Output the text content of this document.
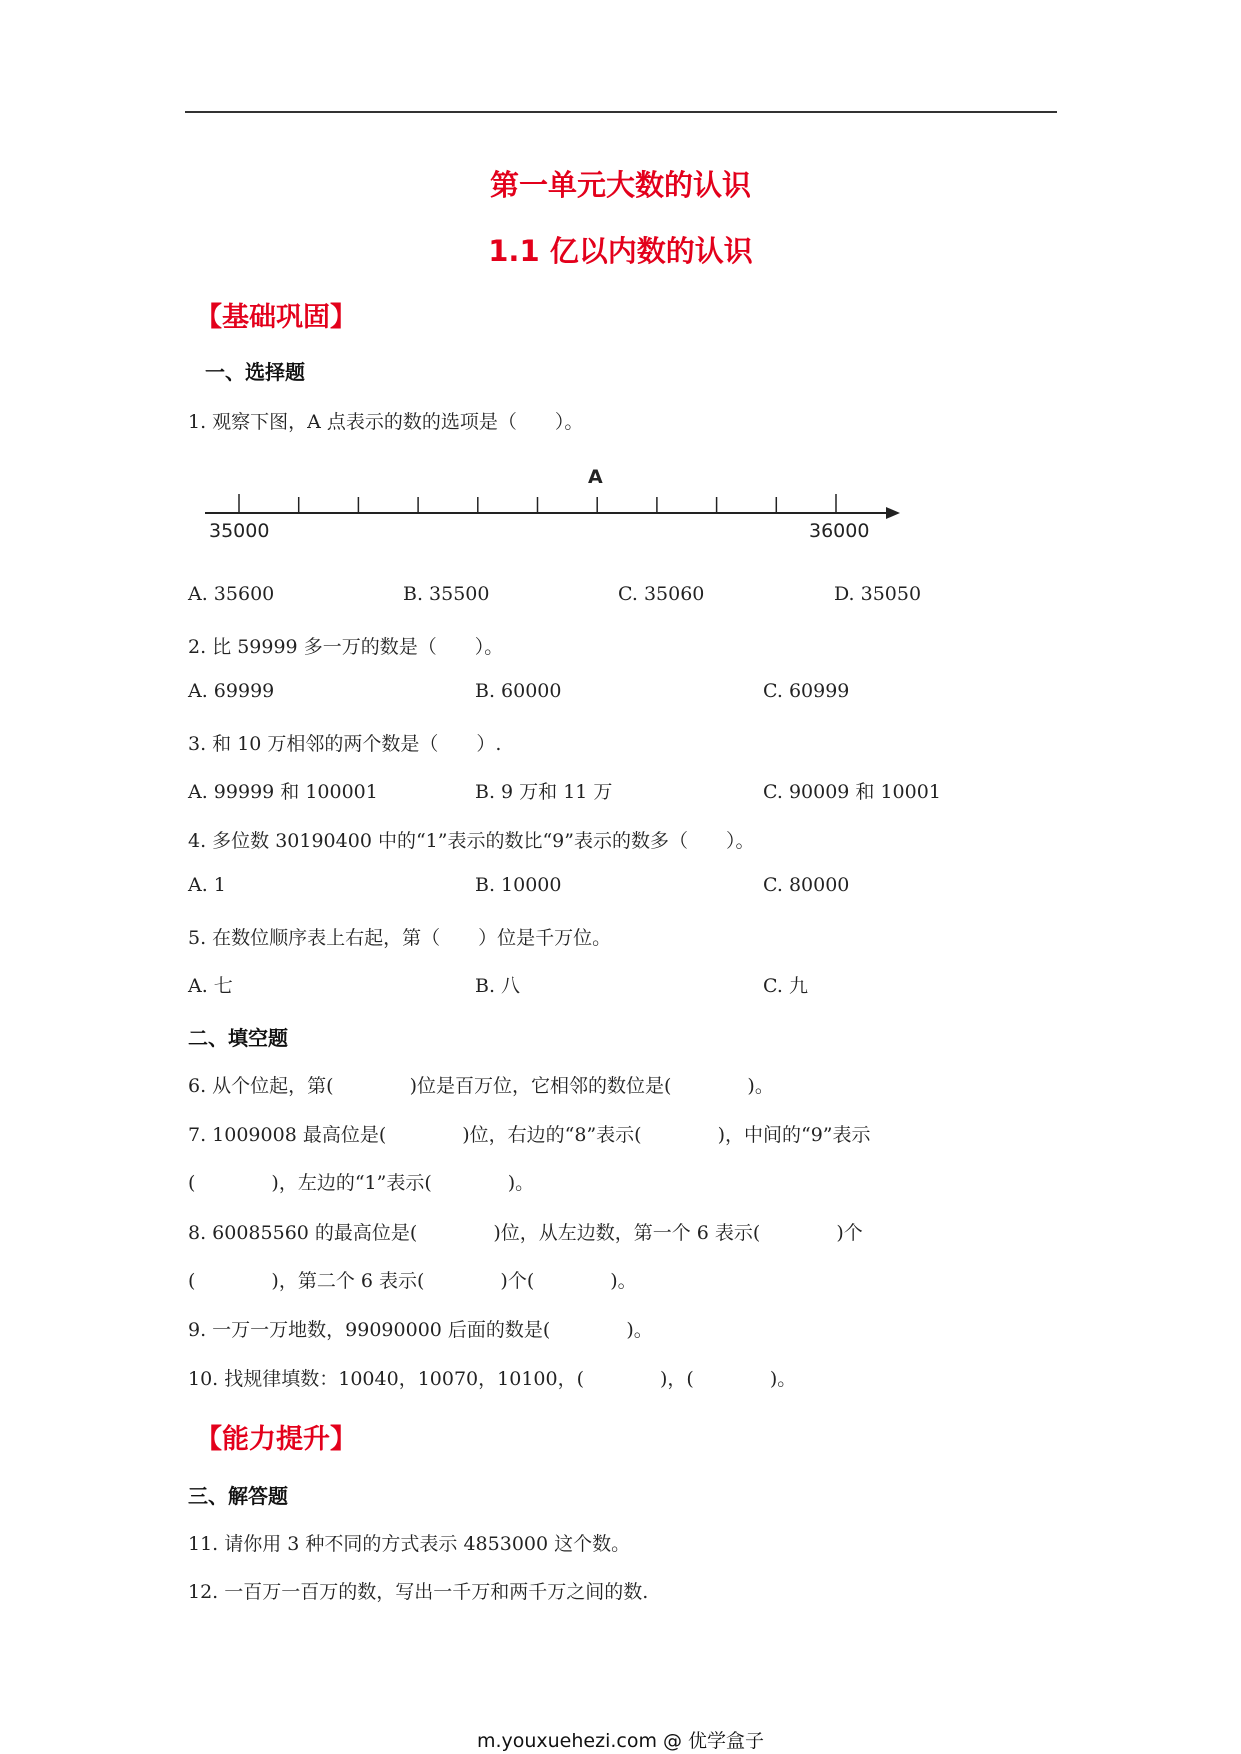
第一单元大数的认识
1.1 亿以内数的认识
【基础巩固】
一、选择题
1. 观察下图，A 点表示的数的选项是（　　）。
35000	36000
A
A. 35600	B. 35500	C. 35060	D. 35050
2. 比 59999 多一万的数是（　　）。
A. 69999	B. 60000	C. 60999
3. 和 10 万相邻的两个数是（　　）.
A. 99999 和 100001	B. 9 万和 11 万	C. 90009 和 10001
4. 多位数 30190400 中的“1”表示的数比“9”表示的数多（　　）。
A. 1	B. 10000	C. 80000
5. 在数位顺序表上右起，第（　　）位是千万位。
A. 七	B. 八	C. 九
二、填空题
6. 从个位起，第(　　　　)位是百万位，它相邻的数位是(　　　　)。
7. 1009008 最高位是(　　　　)位，右边的“8”表示(　　　　)，中间的“9”表示
(　　　　)，左边的“1”表示(　　　　)。
8. 60085560 的最高位是(　　　　)位，从左边数，第一个 6 表示(　　　　)个
(　　　　)，第二个 6 表示(　　　　)个(　　　　)。
9. 一万一万地数，99090000 后面的数是(　　　　)。
10. 找规律填数：10040，10070，10100，(　　　　)，(　　　　)。
【能力提升】
三、解答题
11. 请你用 3 种不同的方式表示 4853000 这个数。
12. 一百万一百万的数，写出一千万和两千万之间的数.
m.youxuehezi.com @ 优学盒子
